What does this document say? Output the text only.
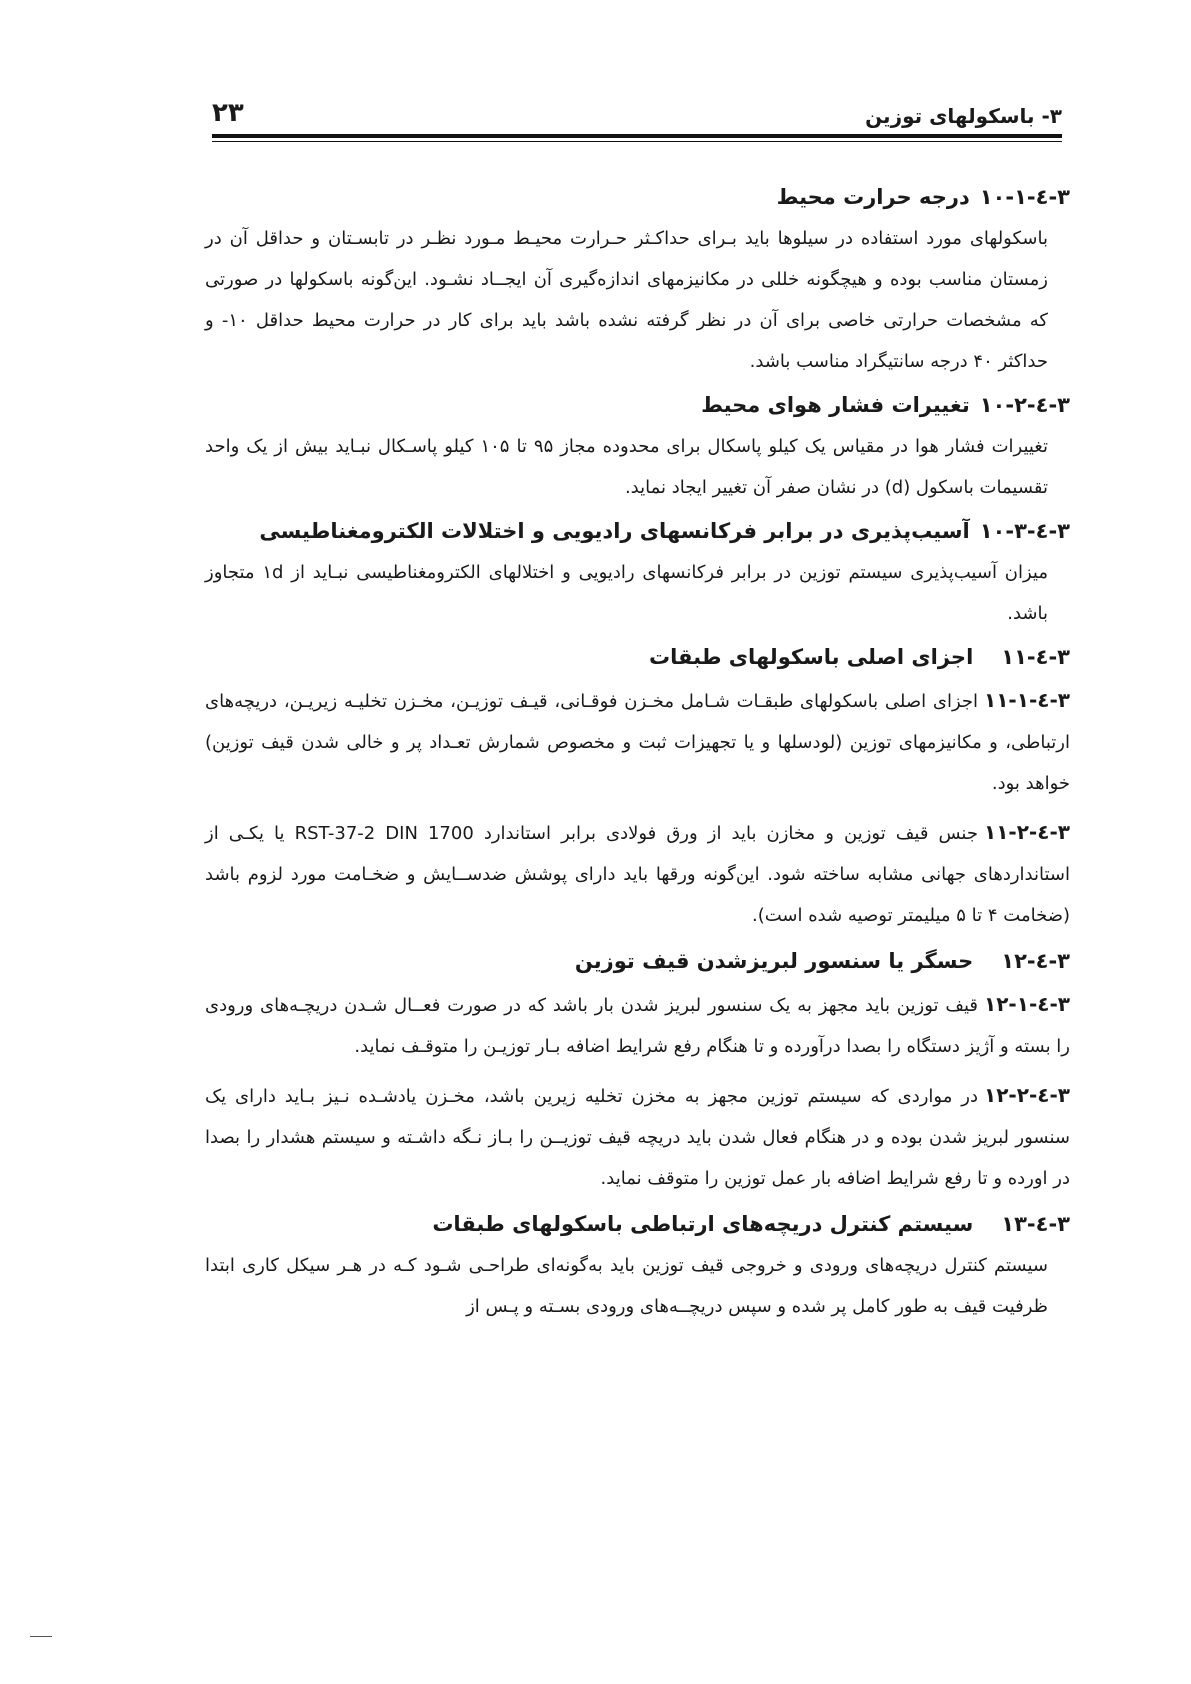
۳- باسکولهای توزین
۲۳
۳-٤-۱۰-۱درجه حرارت محیط

باسکولهای مورد استفاده در سیلوها باید بـرای حداکـثر حـرارت محیـط مـورد نظـر در تابسـتان و حداقل آن در زمستان مناسب بوده و هیچگونه خللی در مکانیزمهای اندازه‌گیری آن ایجــاد نشـود. این‌گونه باسکولها در صورتی که مشخصات حرارتی خاصی برای آن در نظر گرفته نشده باشد باید برای کار در حرارت محیط حداقل ۱۰- و حداکثر ۴۰ درجه سانتیگراد مناسب باشد.

۳-٤-۱۰-۲تغییرات فشار هوای محیط

تغییرات فشار هوا در مقیاس یک کیلو پاسکال برای محدوده مجاز ۹۵ تا ۱۰۵ کیلو پاسـکال نبـاید بیش از یک واحد تقسیمات باسکول (d) در نشان صفر آن تغییر ایجاد نماید.

۳-٤-۱۰-۳آسیب‌پذیری در برابر فرکانسهای رادیویی و اختلالات الکترومغناطیسی

میزان آسیب‌پذیری سیستم توزین در برابر فرکانسهای رادیویی و اختلالهای الکترومغناطیسی نبـاید از ۱d متجاوز باشد.

۳-٤-۱۱اجزای اصلی باسکولهای طبقات

۳-٤-۱۱-۱اجزای اصلی باسکولهای طبقـات شـامل مخـزن فوقـانی، قیـف توزیـن، مخـزن تخلیـه زیریـن، دریچه‌های ارتباطی، و مکانیزمهای توزین (لودسلها و یا تجهیزات ثبت و مخصوص شمارش تعـداد پر و خالی شدن قیف توزین) خواهد بود.

۳-٤-۱۱-۲جنس قیف توزین و مخازن باید از ورق فولادی برابر استاندارد RST-37-2 DIN 1700 یا یکـی از استانداردهای جهانی مشابه ساخته شود. این‌گونه ورقها باید دارای پوشش ضدســایش و ضخـامت مورد لزوم باشد (ضخامت ۴ تا ۵ میلیمتر توصیه شده است).

۳-٤-۱۲حسگر یا سنسور لبریزشدن قیف توزین

۳-٤-۱۲-۱قیف توزین باید مجهز به یک سنسور لبریز شدن بار باشد که در صورت فعــال شـدن دریچـه‌های ورودی را بسته و آژیز دستگاه را بصدا درآورده و تا هنگام رفع شرایط اضافه بـار توزیـن را متوقـف نماید.

۳-٤-۱۲-۲در مواردی که سیستم توزین مجهز به مخزن تخلیه زیرین باشد، مخـزن یادشـده نـیز بـاید دارای یک سنسور لبریز شدن بوده و در هنگام فعال شدن باید دریچه قیف توزیــن را بـاز نـگه داشـته و سیستم هشدار را بصدا در اورده و تا رفع شرایط اضافه بار عمل توزین را متوقف نماید.

۳-٤-۱۳سیستم کنترل دریچه‌های ارتباطی باسکولهای طبقات

سیستم کنترل دریچه‌های ورودی و خروجی قیف توزین باید به‌گونه‌ای طراحـی شـود کـه در هـر سیکل کاری ابتدا ظرفیت قیف به طور کامل پر شده و سپس دریچــه‌های ورودی بسـته و پـس از
